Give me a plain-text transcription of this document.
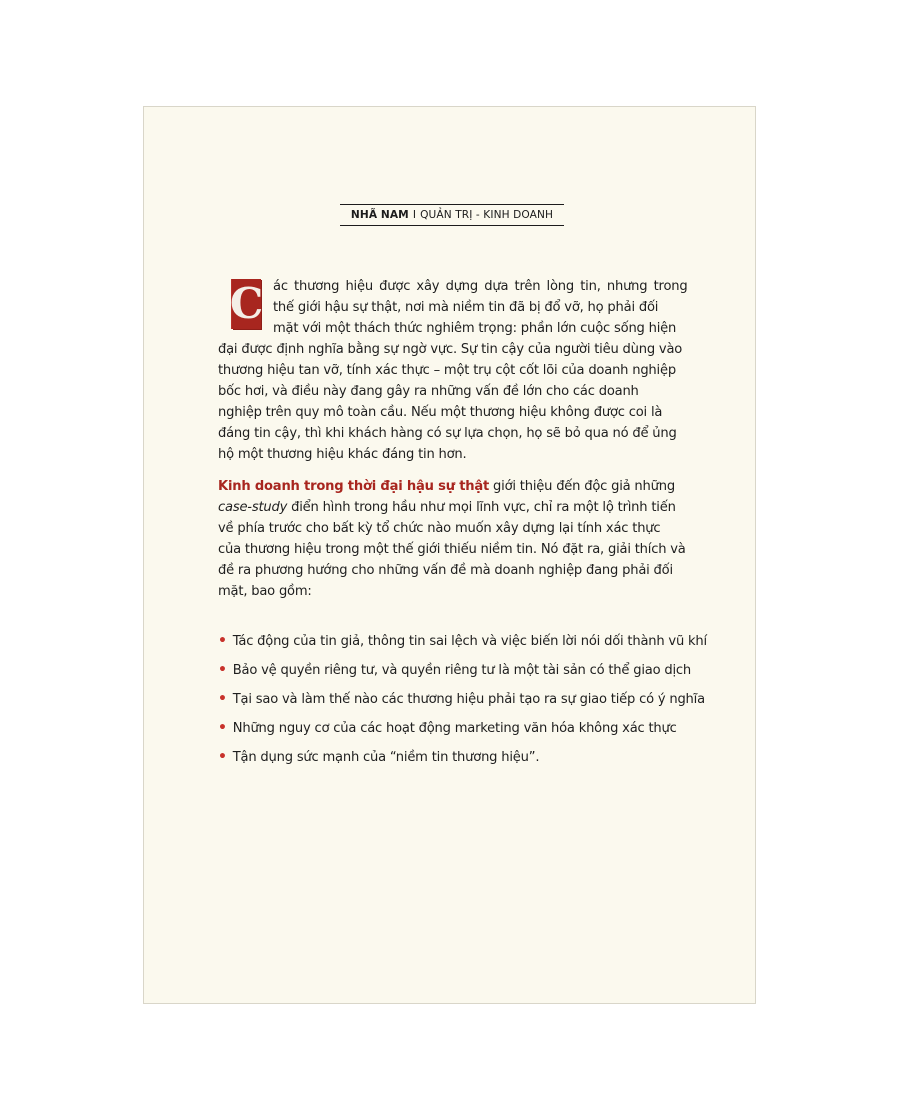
NHÃ NAM I QUẢN TRỊ - KINH DOANH
C ác thương hiệu được xây dựng dựa trên lòng tin, nhưng trong
thế giới hậu sự thật, nơi mà niềm tin đã bị đổ vỡ, họ phải đối
mặt với một thách thức nghiêm trọng: phần lớn cuộc sống hiện
đại được định nghĩa bằng sự ngờ vực. Sự tin cậy của người tiêu dùng vào
thương hiệu tan vỡ, tính xác thực – một trụ cột cốt lõi của doanh nghiệp
bốc hơi, và điều này đang gây ra những vấn đề lớn cho các doanh
nghiệp trên quy mô toàn cầu. Nếu một thương hiệu không được coi là
đáng tin cậy, thì khi khách hàng có sự lựa chọn, họ sẽ bỏ qua nó để ủng
hộ một thương hiệu khác đáng tin hơn.
Kinh doanh trong thời đại hậu sự thật giới thiệu đến độc giả những
case-study điển hình trong hầu như mọi lĩnh vực, chỉ ra một lộ trình tiến
về phía trước cho bất kỳ tổ chức nào muốn xây dựng lại tính xác thực
của thương hiệu trong một thế giới thiếu niềm tin. Nó đặt ra, giải thích và
đề ra phương hướng cho những vấn đề mà doanh nghiệp đang phải đối
mặt, bao gồm:
• Tác động của tin giả, thông tin sai lệch và việc biến lời nói dối thành vũ khí
• Bảo vệ quyền riêng tư, và quyền riêng tư là một tài sản có thể giao dịch
• Tại sao và làm thế nào các thương hiệu phải tạo ra sự giao tiếp có ý nghĩa
• Những nguy cơ của các hoạt động marketing văn hóa không xác thực
• Tận dụng sức mạnh của “niềm tin thương hiệu”.
